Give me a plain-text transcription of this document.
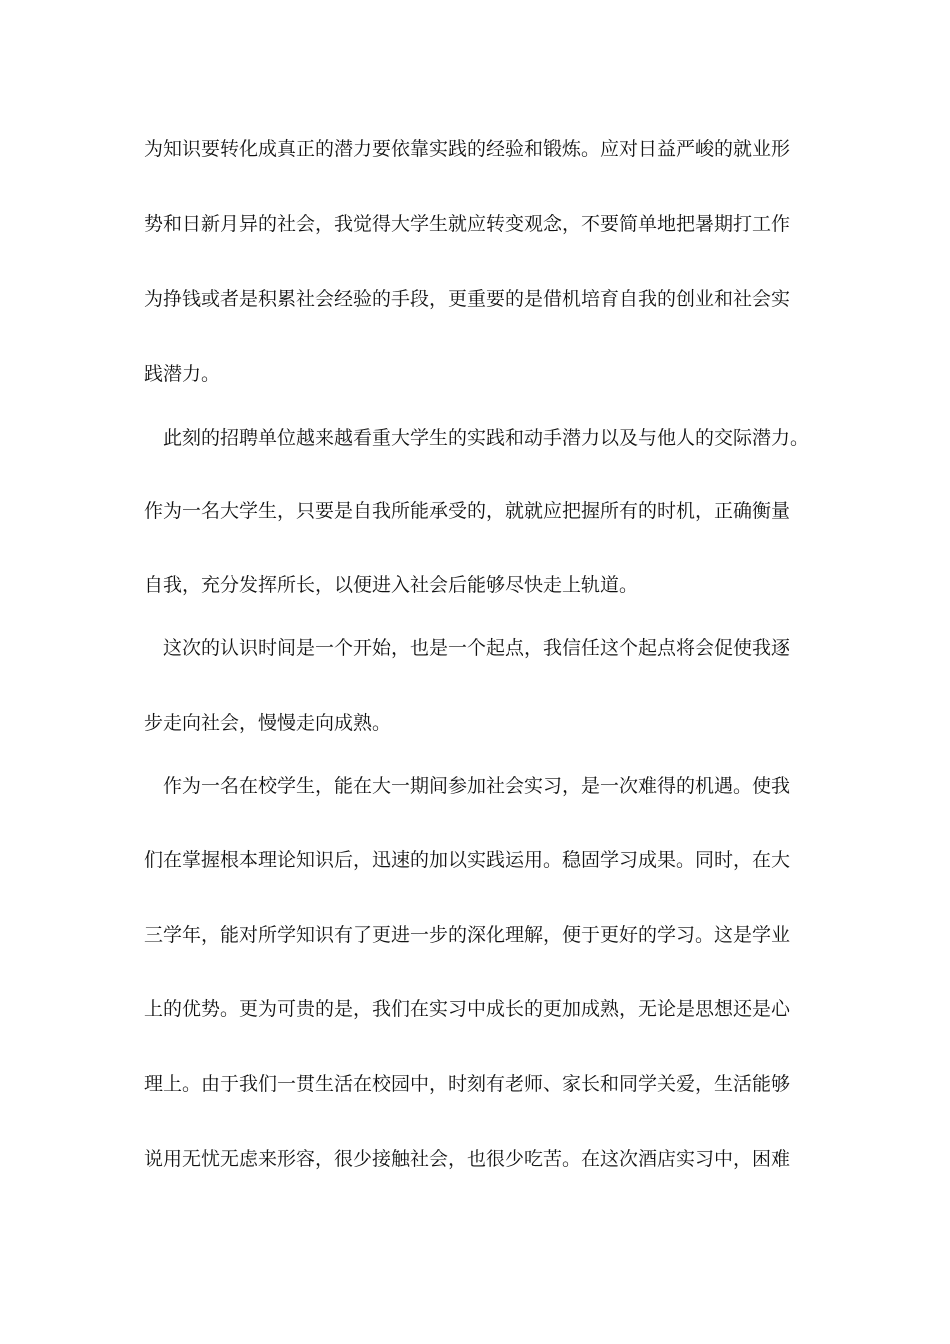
为知识要转化成真正的潜力要依靠实践的经验和锻炼。应对日益严峻的就业形
势和日新月异的社会，我觉得大学生就应转变观念，不要简单地把暑期打工作
为挣钱或者是积累社会经验的手段，更重要的是借机培育自我的创业和社会实
践潜力。
此刻的招聘单位越来越看重大学生的实践和动手潜力以及与他人的交际潜力。
作为一名大学生，只要是自我所能承受的，就就应把握所有的时机，正确衡量
自我，充分发挥所长，以便进入社会后能够尽快走上轨道。
这次的认识时间是一个开始，也是一个起点，我信任这个起点将会促使我逐
步走向社会，慢慢走向成熟。
作为一名在校学生，能在大一期间参加社会实习，是一次难得的机遇。使我
们在掌握根本理论知识后，迅速的加以实践运用。稳固学习成果。同时，在大
三学年，能对所学知识有了更进一步的深化理解，便于更好的学习。这是学业
上的优势。更为可贵的是，我们在实习中成长的更加成熟，无论是思想还是心
理上。由于我们一贯生活在校园中，时刻有老师、家长和同学关爱，生活能够
说用无忧无虑来形容，很少接触社会，也很少吃苦。在这次酒店实习中，困难
